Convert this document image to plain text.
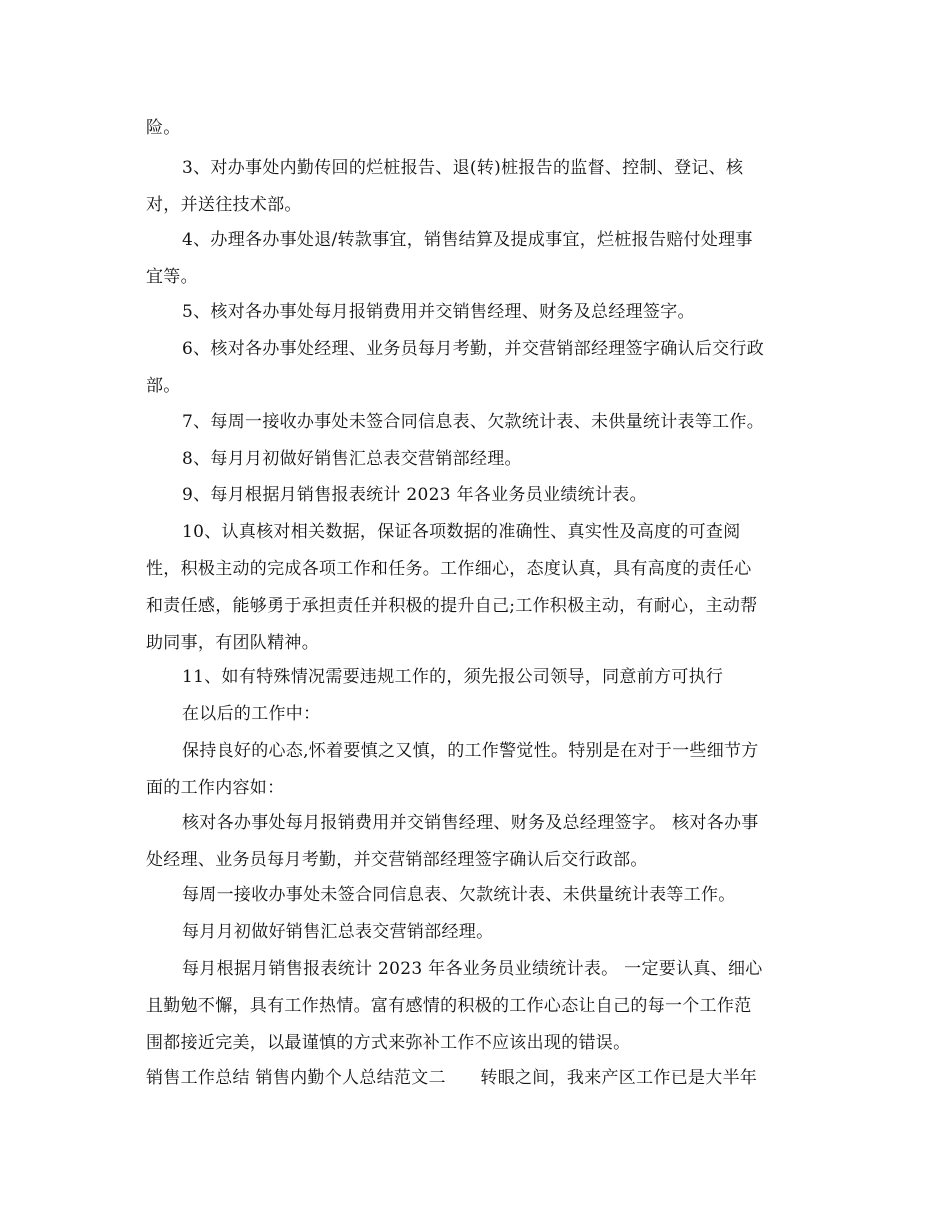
险。

3、对办事处内勤传回的烂桩报告、退(转)桩报告的监督、控制、登记、核
对，并送往技术部。

4、办理各办事处退/转款事宜，销售结算及提成事宜，烂桩报告赔付处理事
宜等。

5、核对各办事处每月报销费用并交销售经理、财务及总经理签字。

6、核对各办事处经理、业务员每月考勤，并交营销部经理签字确认后交行政
部。

7、每周一接收办事处未签合同信息表、欠款统计表、未供量统计表等工作。

8、每月月初做好销售汇总表交营销部经理。

9、每月根据月销售报表统计 2023 年各业务员业绩统计表。

10、认真核对相关数据，保证各项数据的准确性、真实性及高度的可查阅
性，积极主动的完成各项工作和任务。工作细心，态度认真，具有高度的责任心
和责任感，能够勇于承担责任并积极的提升自己;工作积极主动，有耐心，主动帮
助同事，有团队精神。

11、如有特殊情况需要违规工作的，须先报公司领导，同意前方可执行

在以后的工作中：

保持良好的心态,怀着要慎之又慎，的工作警觉性。特别是在对于一些细节方
面的工作内容如：

核对各办事处每月报销费用并交销售经理、财务及总经理签字。 核对各办事
处经理、业务员每月考勤，并交营销部经理签字确认后交行政部。

每周一接收办事处未签合同信息表、欠款统计表、未供量统计表等工作。

每月月初做好销售汇总表交营销部经理。

每月根据月销售报表统计 2023 年各业务员业绩统计表。 一定要认真、细心
且勤勉不懈，具有工作热情。富有感情的积极的工作心态让自己的每一个工作范
围都接近完美，以最谨慎的方式来弥补工作不应该出现的错误。

销售工作总结 销售内勤个人总结范文二　　转眼之间，我来产区工作已是大半年
